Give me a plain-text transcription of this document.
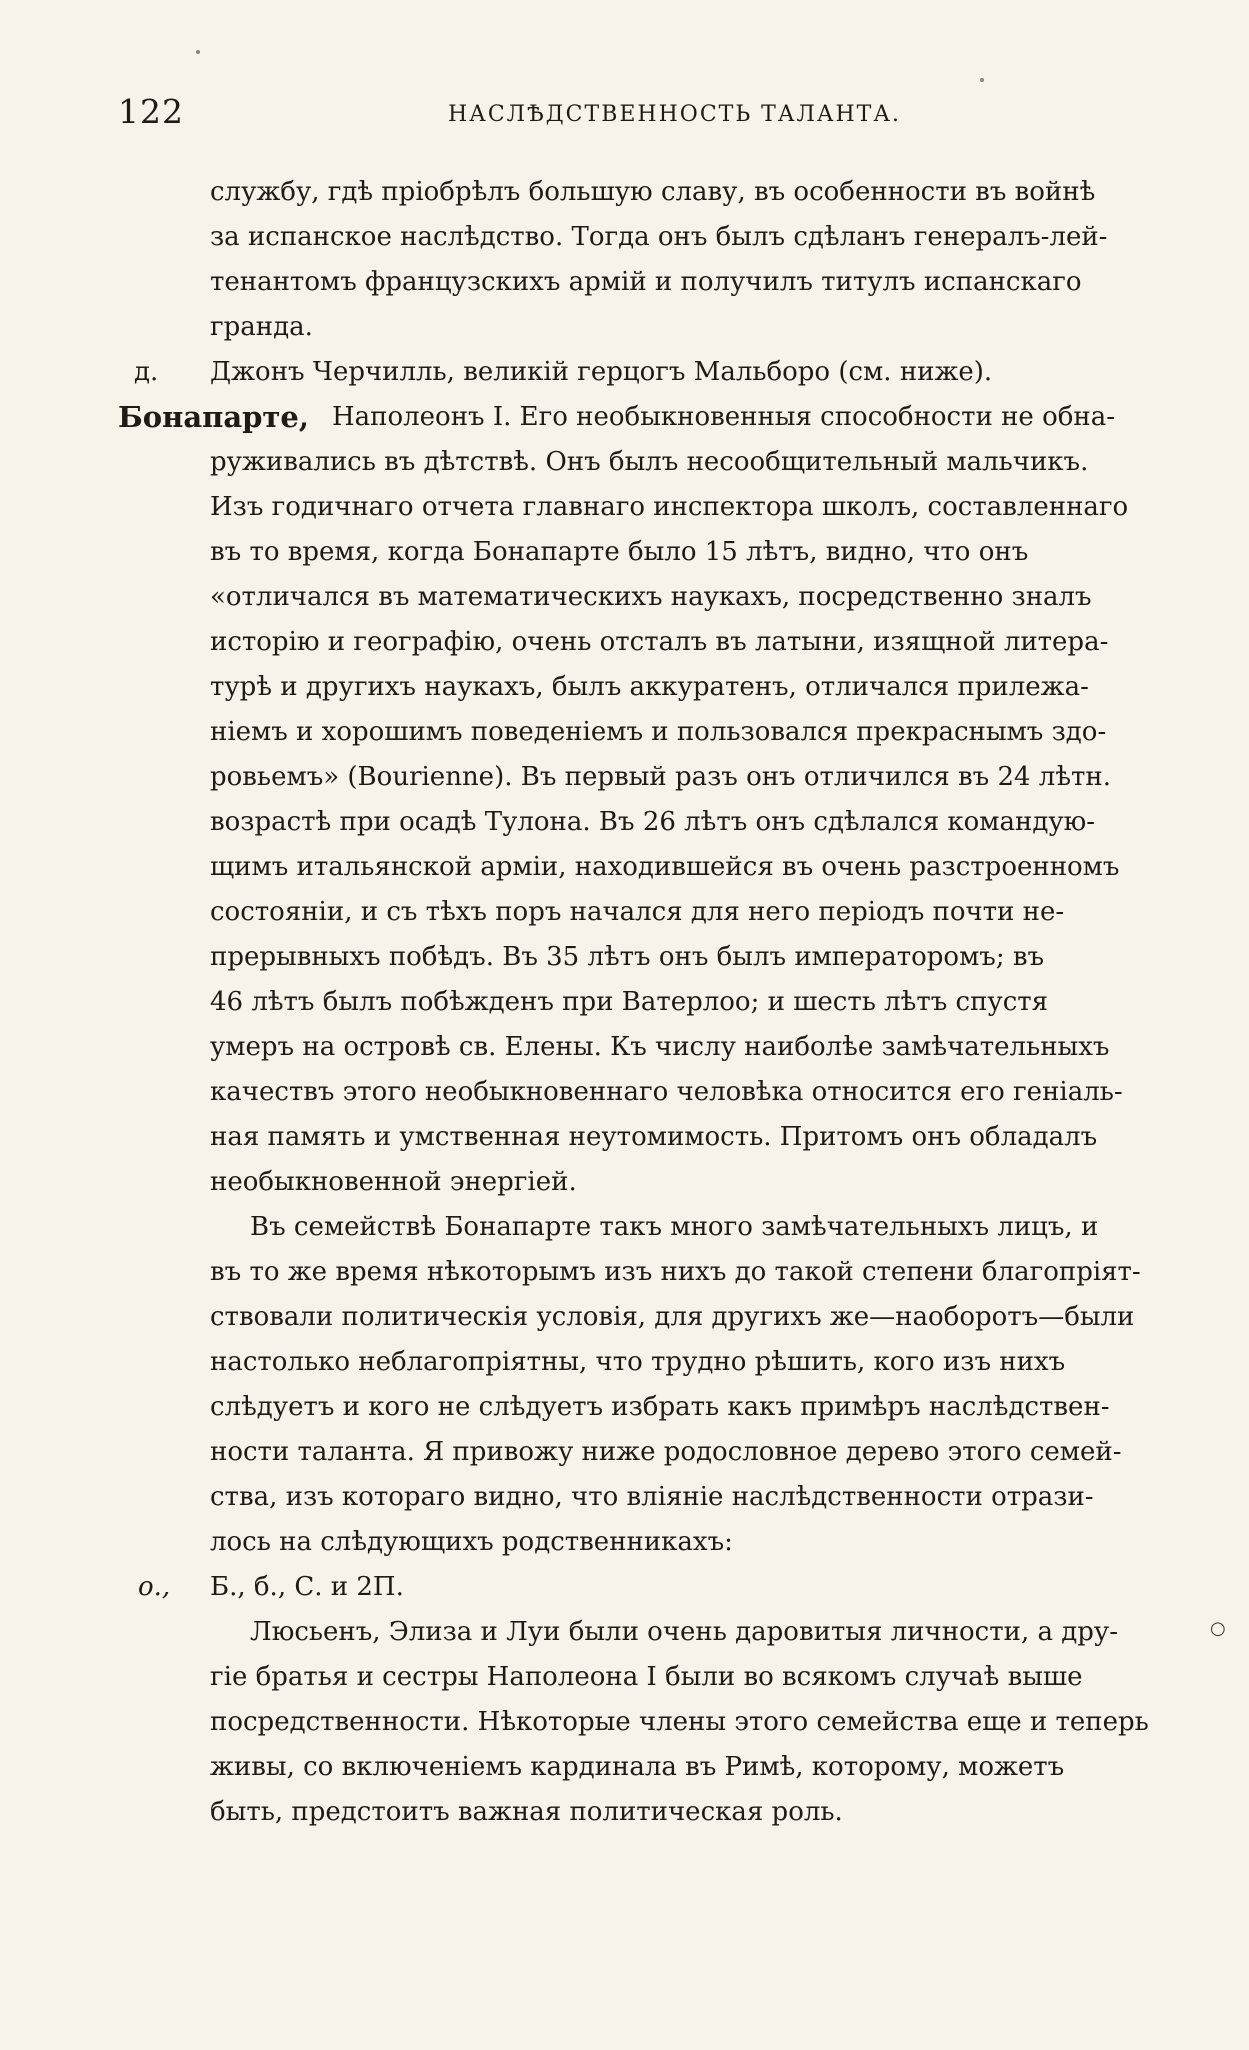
122	НАСЛѢДСТВЕННОСТЬ ТАЛАНТА.
службу, гдѣ пріобрѣлъ большую славу, въ особенности въ войнѣ
за испанское наслѣдство. Тогда онъ былъ сдѣланъ генералъ-лей-
тенантомъ французскихъ армій и получилъ титулъ испанскаго
гранда.
д. Джонъ Черчилль, великій герцогъ Мальборо (см. ниже).
Бонапарте, Наполеонъ I. Его необыкновенныя способности не обна-
руживались въ дѣтствѣ. Онъ былъ несообщительный мальчикъ.
Изъ годичнаго отчета главнаго инспектора школъ, составленнаго
въ то время, когда Бонапарте было 15 лѣтъ, видно, что онъ
«отличался въ математическихъ наукахъ, посредственно зналъ
исторію и географію, очень отсталъ въ латыни, изящной литера-
турѣ и другихъ наукахъ, былъ аккуратенъ, отличался прилежа-
ніемъ и хорошимъ поведеніемъ и пользовался прекраснымъ здо-
ровьемъ» (Bourienne). Въ первый разъ онъ отличился въ 24 лѣтн.
возрастѣ при осадѣ Тулона. Въ 26 лѣтъ онъ сдѣлался командую-
щимъ итальянской арміи, находившейся въ очень разстроенномъ
состояніи, и съ тѣхъ поръ начался для него періодъ почти не-
прерывныхъ побѣдъ. Въ 35 лѣтъ онъ былъ императоромъ; въ
46 лѣтъ былъ побѣжденъ при Ватерлоо; и шесть лѣтъ спустя
умеръ на островѣ св. Елены. Къ числу наиболѣе замѣчательныхъ
качествъ этого необыкновеннаго человѣка относится его геніаль-
ная память и умственная неутомимость. Притомъ онъ обладалъ
необыкновенной энергіей.
Въ семействѣ Бонапарте такъ много замѣчательныхъ лицъ, и
въ то же время нѣкоторымъ изъ нихъ до такой степени благопріят-
ствовали политическія условія, для другихъ же—наоборотъ—были
настолько неблагопріятны, что трудно рѣшить, кого изъ нихъ
слѣдуетъ и кого не слѣдуетъ избрать какъ примѣръ наслѣдствен-
ности таланта. Я привожу ниже родословное дерево этого семей-
ства, изъ котораго видно, что вліяніе наслѣдственности отрази-
лось на слѣдующихъ родственникахъ:
о., Б., б., С. и 2П.
Люсьенъ, Элиза и Луи были очень даровитыя личности, а дру-
гіе братья и сестры Наполеона I были во всякомъ случаѣ выше
посредственности. Нѣкоторые члены этого семейства еще и теперь
живы, со включеніемъ кардинала въ Римѣ, которому, можетъ
быть, предстоитъ важная политическая роль.
○
